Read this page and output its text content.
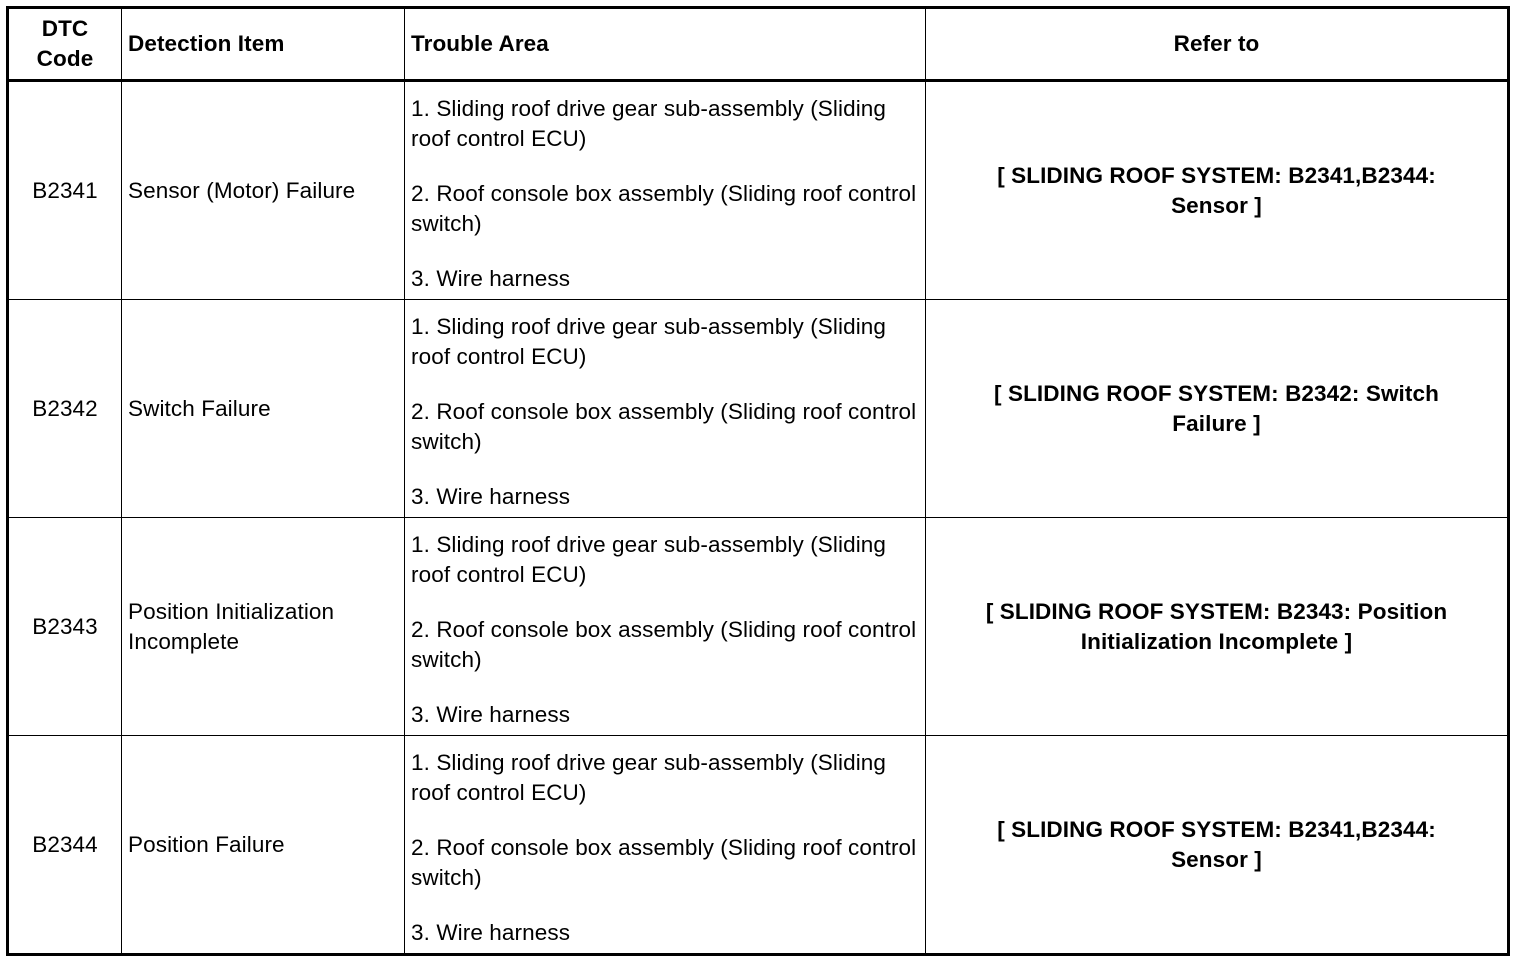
DTC
Code	Detection Item	Trouble Area	Refer to
B2341	Sensor (Motor) Failure	1. Sliding roof drive gear sub-assembly (Sliding roof control ECU)

2. Roof console box assembly (Sliding roof control switch)

3. Wire harness	[ SLIDING ROOF SYSTEM: B2341,B2344: Sensor ]
B2342	Switch Failure	1. Sliding roof drive gear sub-assembly (Sliding roof control ECU)

2. Roof console box assembly (Sliding roof control switch)

3. Wire harness	[ SLIDING ROOF SYSTEM: B2342: Switch Failure ]
B2343	Position Initialization Incomplete	1. Sliding roof drive gear sub-assembly (Sliding roof control ECU)

2. Roof console box assembly (Sliding roof control switch)

3. Wire harness	[ SLIDING ROOF SYSTEM: B2343: Position Initialization Incomplete ]
B2344	Position Failure	1. Sliding roof drive gear sub-assembly (Sliding roof control ECU)

2. Roof console box assembly (Sliding roof control switch)

3. Wire harness	[ SLIDING ROOF SYSTEM: B2341,B2344: Sensor ]
